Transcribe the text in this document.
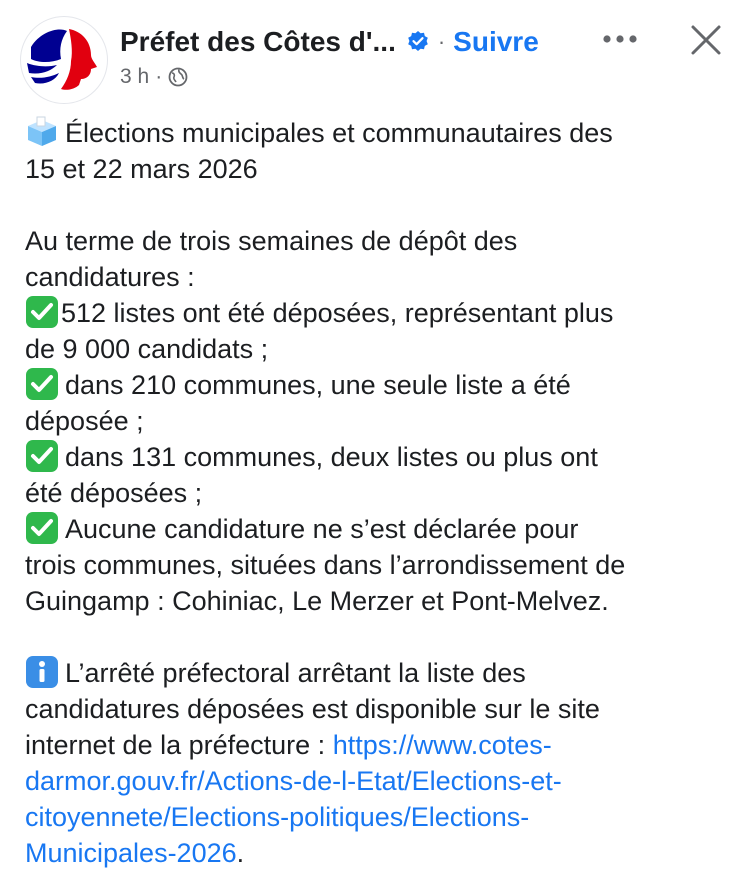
Préfet des Côtes d'... · Suivre
3 h ·
Élections municipales et communautaires des
15 et 22 mars 2026
Au terme de trois semaines de dépôt des
candidatures :
512 listes ont été déposées, représentant plus
de 9 000 candidats ;
dans 210 communes, une seule liste a été
déposée ;
dans 131 communes, deux listes ou plus ont
été déposées ;
Aucune candidature ne s’est déclarée pour
trois communes, situées dans l’arrondissement de
Guingamp : Cohiniac, Le Merzer et Pont-Melvez.
L’arrêté préfectoral arrêtant la liste des
candidatures déposées est disponible sur le site
internet de la préfecture : https://www.cotes-
darmor.gouv.fr/Actions-de-l-Etat/Elections-et-
citoyennete/Elections-politiques/Elections-
Municipales-2026.
